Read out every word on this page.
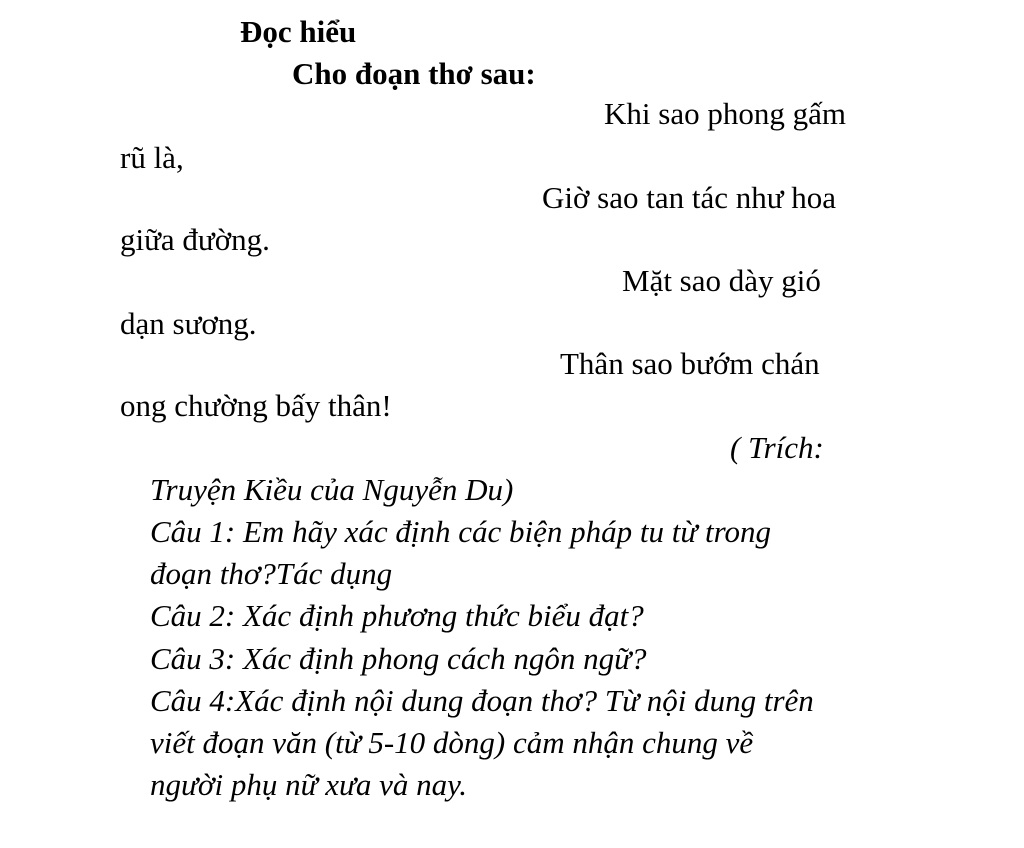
Đọc hiểu
Cho đoạn thơ sau:
Khi sao phong gấm
rũ là,
Giờ sao tan tác như hoa
giữa đường.
Mặt sao dày gió
dạn sương.
Thân sao bướm chán
ong chường bấy thân!
( Trích:
Truyện Kiều của Nguyễn Du)
Câu 1: Em hãy xác định các biện pháp tu từ trong
đoạn thơ?Tác dụng
Câu 2: Xác định phương thức biểu đạt?
Câu 3: Xác định phong cách ngôn ngữ?
Câu 4:Xác định nội dung đoạn thơ? Từ nội dung trên
viết đoạn văn (từ 5-10 dòng) cảm nhận chung về
người phụ nữ xưa và nay.
